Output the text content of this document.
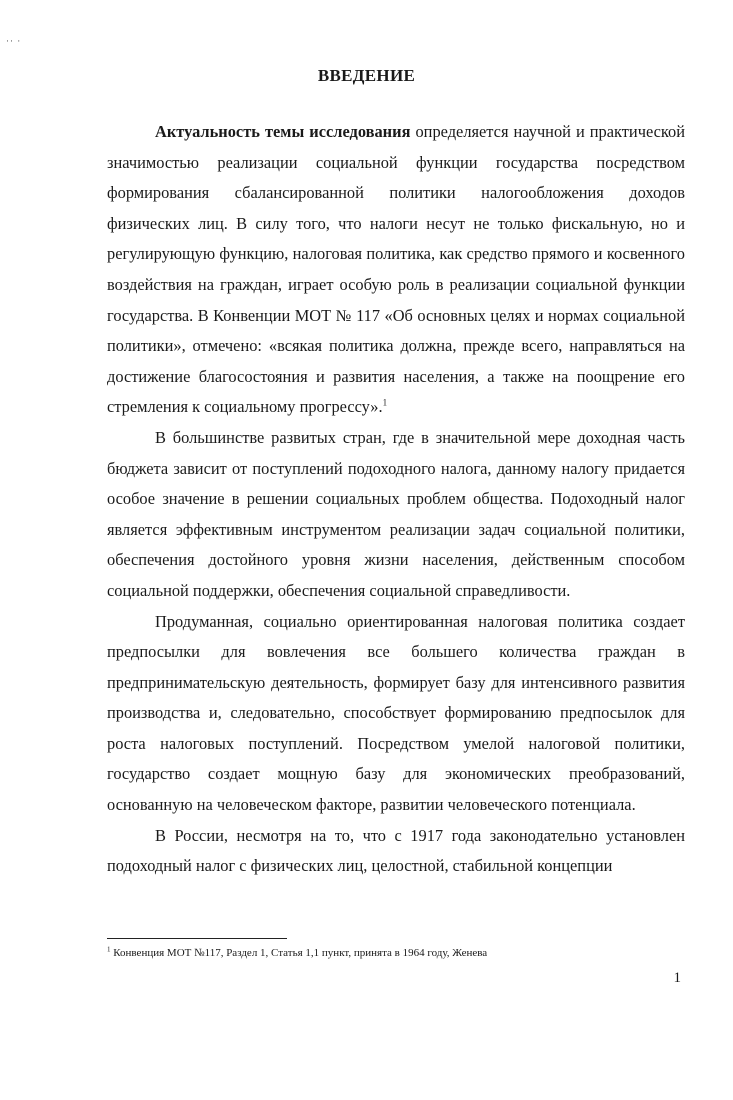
·· ·
ВВЕДЕНИЕ

Актуальность темы исследования определяется научной и практической значимостью реализации социальной функции государства посредством формирования сбалансированной политики налогообложения доходов физических лиц. В силу того, что налоги несут не только фискальную, но и регулирующую функцию, налоговая политика, как средство прямого и косвенного воздействия на граждан, играет особую роль в реализации социальной функции государства. В Конвенции МОТ № 117 «Об основных целях и нормах социальной политики», отмечено: «всякая политика должна, прежде всего, направляться на достижение благосостояния и развития населения, а также на поощрение его стремления к социальному прогрессу».$^1$

В большинстве развитых стран, где в значительной мере доходная часть бюджета зависит от поступлений подоходного налога, данному налогу придается особое значение в решении социальных проблем общества. Подоходный налог является эффективным инструментом реализации задач социальной политики, обеспечения достойного уровня жизни населения, действенным способом социальной поддержки, обеспечения социальной справедливости.

Продуманная, социально ориентированная налоговая политика создает предпосылки для вовлечения все большего количества граждан в предпринимательскую деятельность, формирует базу для интенсивного развития производства и, следовательно, способствует формированию предпосылок для роста налоговых поступлений. Посредством умелой налоговой политики, государство создает мощную базу для экономических преобразований, основанную на человеческом факторе, развитии человеческого потенциала.

В России, несмотря на то, что с 1917 года законодательно установлен подоходный налог с физических лиц, целостной, стабильной концепции

$^1$ Конвенция МОТ №117, Раздел 1, Статья 1,1 пункт, принята в 1964 году, Женева
1
